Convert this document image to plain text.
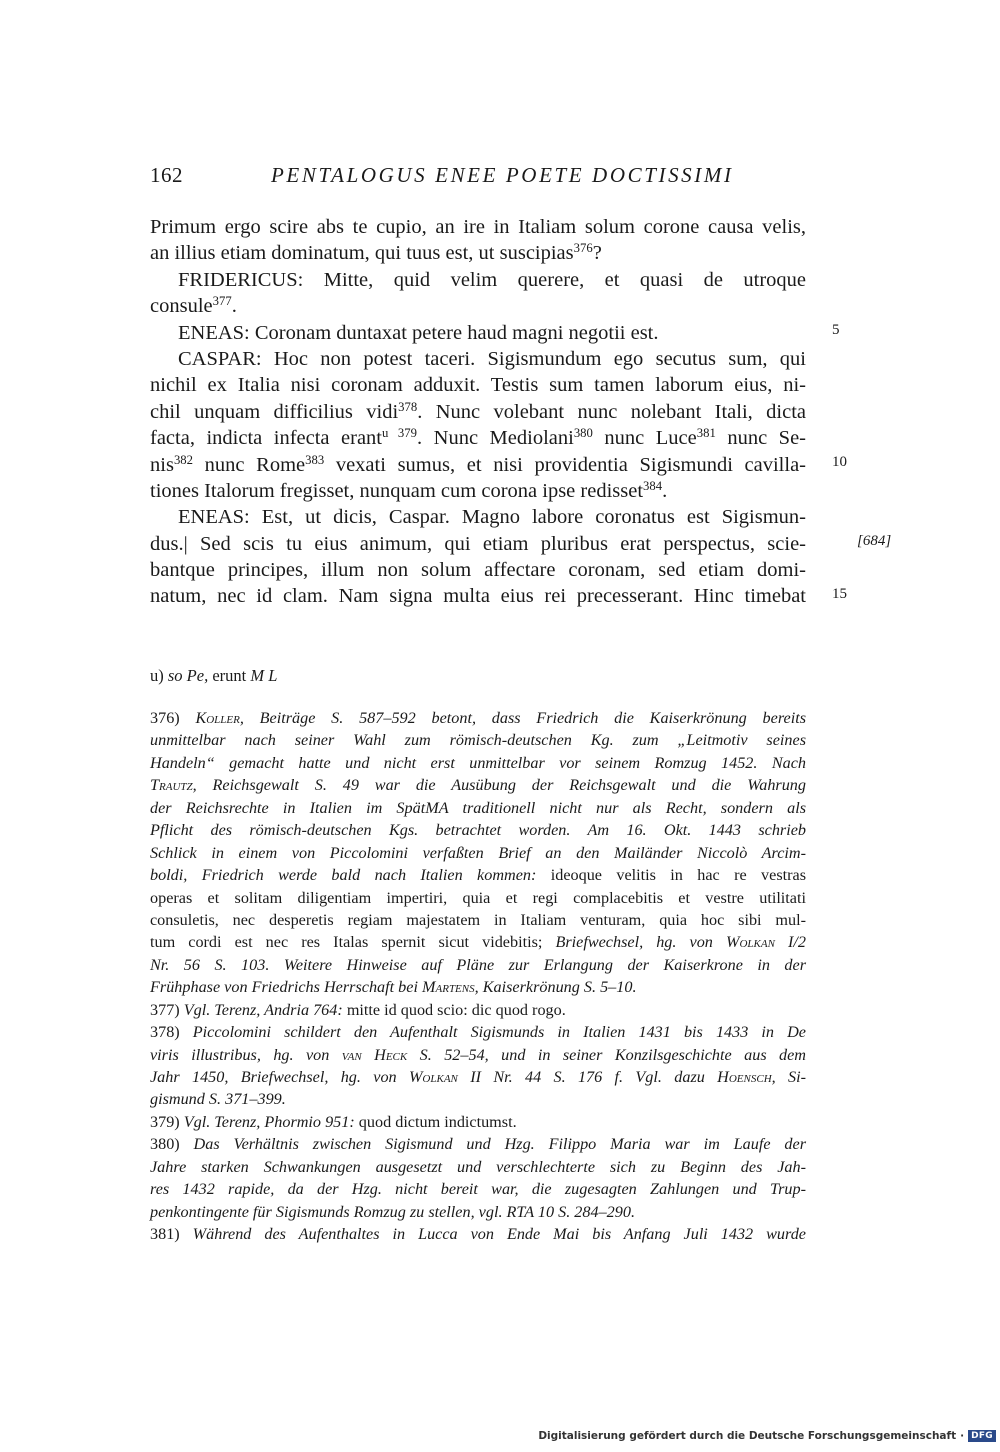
162	PENTALOGUS ENEE POETE DOCTISSIMI
Primum ergo scire abs te cupio, an ire in Italiam solum corone causa velis,
an illius etiam dominatum, qui tuus est, ut suscipias$^{376}$?
FRIDERICUS: Mitte, quid velim querere, et quasi de utroque
consule$^{377}$.
ENEAS: Coronam duntaxat petere haud magni negotii est.
CASPAR: Hoc non potest taceri. Sigismundum ego secutus sum, qui
nichil ex Italia nisi coronam adduxit. Testis sum tamen laborum eius, ni-
chil unquam difficilius vidi$^{378}$. Nunc volebant nunc nolebant Itali, dicta
facta, indicta infecta erant$^{u 379}$. Nunc Mediolani$^{380}$ nunc Luce$^{381}$ nunc Se-
nis$^{382}$ nunc Rome$^{383}$ vexati sumus, et nisi providentia Sigismundi cavilla-
tiones Italorum fregisset, nunquam cum corona ipse redisset$^{384}$.
ENEAS: Est, ut dicis, Caspar. Magno labore coronatus est Sigismun-
dus.| Sed scis tu eius animum, qui etiam pluribus erat perspectus, scie-
bantque principes, illum non solum affectare coronam, sed etiam domi-
natum, nec id clam. Nam signa multa eius rei precesserant. Hinc timebat
5
10
15
[684]
u) so Pe, erunt M L
376) Koller, Beiträge S. 587–592 betont, dass Friedrich die Kaiserkrönung bereits
unmittelbar nach seiner Wahl zum römisch-deutschen Kg. zum „Leitmotiv seines
Handeln“ gemacht hatte und nicht erst unmittelbar vor seinem Romzug 1452. Nach
Trautz, Reichsgewalt S. 49 war die Ausübung der Reichsgewalt und die Wahrung
der Reichsrechte in Italien im SpätMA traditionell nicht nur als Recht, sondern als
Pflicht des römisch-deutschen Kgs. betrachtet worden. Am 16. Okt. 1443 schrieb
Schlick in einem von Piccolomini verfaßten Brief an den Mailänder Niccolò Arcim-
boldi, Friedrich werde bald nach Italien kommen: ideoque velitis in hac re vestras
operas et solitam diligentiam impertiri, quia et regi complacebitis et vestre utilitati
consuletis, nec desperetis regiam majestatem in Italiam venturam, quia hoc sibi mul-
tum cordi est nec res Italas spernit sicut videbitis; Briefwechsel, hg. von Wolkan I/2
Nr. 56 S. 103. Weitere Hinweise auf Pläne zur Erlangung der Kaiserkrone in der
Frühphase von Friedrichs Herrschaft bei Martens, Kaiserkrönung S. 5–10.
377) Vgl. Terenz, Andria 764: mitte id quod scio: dic quod rogo.
378) Piccolomini schildert den Aufenthalt Sigismunds in Italien 1431 bis 1433 in De
viris illustribus, hg. von van Heck S. 52–54, und in seiner Konzilsgeschichte aus dem
Jahr 1450, Briefwechsel, hg. von Wolkan II Nr. 44 S. 176 f. Vgl. dazu Hoensch, Si-
gismund S. 371–399.
379) Vgl. Terenz, Phormio 951: quod dictum indictumst.
380) Das Verhältnis zwischen Sigismund und Hzg. Filippo Maria war im Laufe der
Jahre starken Schwankungen ausgesetzt und verschlechterte sich zu Beginn des Jah-
res 1432 rapide, da der Hzg. nicht bereit war, die zugesagten Zahlungen und Trup-
penkontingente für Sigismunds Romzug zu stellen, vgl. RTA 10 S. 284–290.
381) Während des Aufenthaltes in Lucca von Ende Mai bis Anfang Juli 1432 wurde
Digitalisierung gefördert durch die Deutsche Forschungsgemeinschaft · DFG
